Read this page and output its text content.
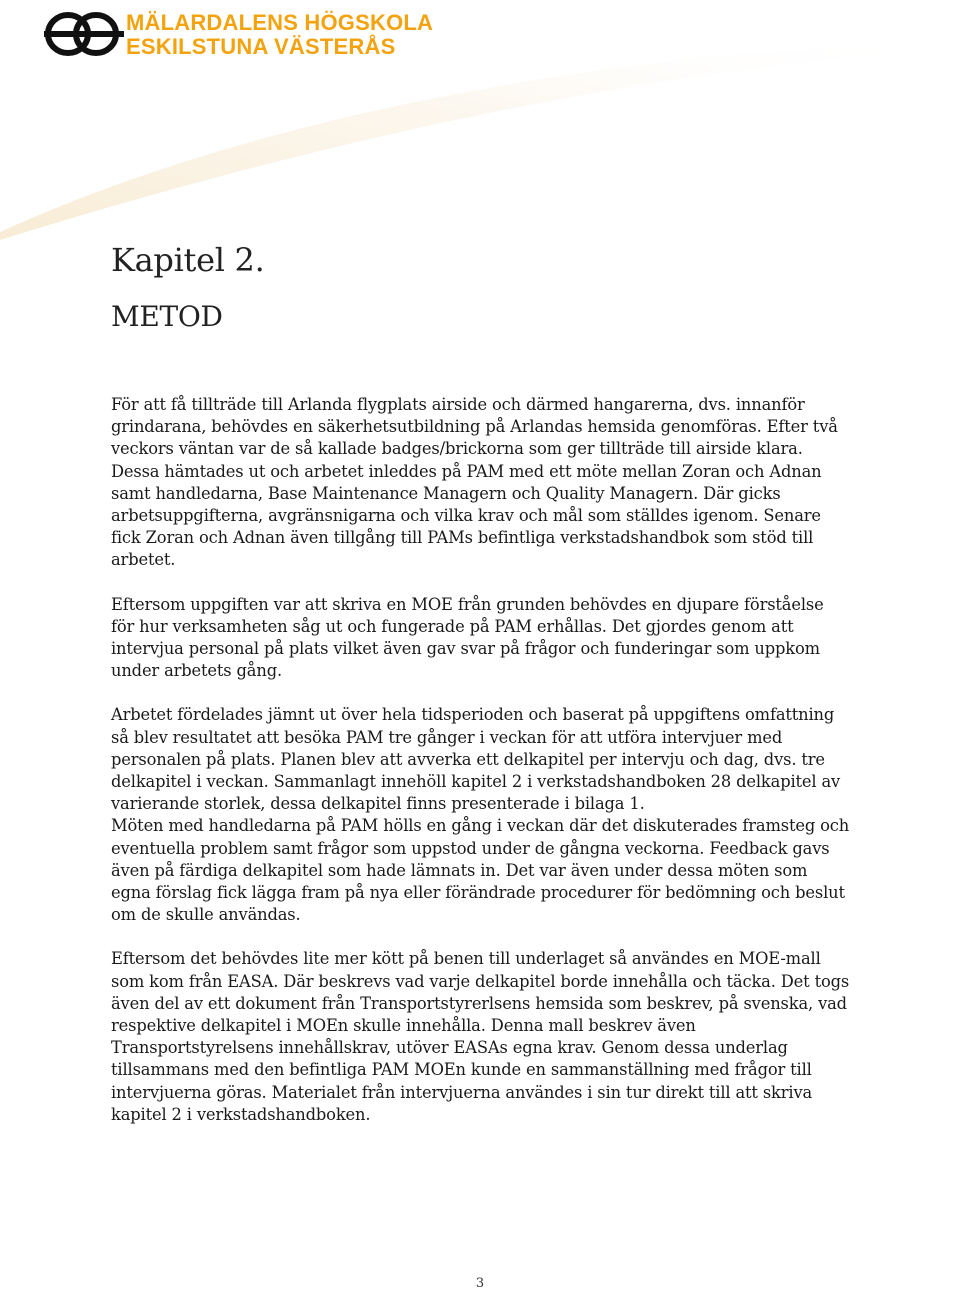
MÄLARDALENS HÖGSKOLA
ESKILSTUNA VÄSTERÅS
Kapitel 2.
METOD

För att få tillträde till Arlanda flygplats airside och därmed hangarerna, dvs. innanför grindarana, behövdes en säkerhetsutbildning på Arlandas hemsida genomföras. Efter två veckors väntan var de så kallade badges/brickorna som ger tillträde till airside klara. Dessa hämtades ut och arbetet inleddes på PAM med ett möte mellan Zoran och Adnan samt handledarna, Base Maintenance Managern och Quality Managern. Där gicks arbetsuppgifterna, avgränsnigarna och vilka krav och mål som ställdes igenom. Senare fick Zoran och Adnan även tillgång till PAMs befintliga verkstadshandbok som stöd till arbetet.

Eftersom uppgiften var att skriva en MOE från grunden behövdes en djupare förståelse för hur verksamheten såg ut och fungerade på PAM erhållas. Det gjordes genom att intervjua personal på plats vilket även gav svar på frågor och funderingar som uppkom under arbetets gång.

Arbetet fördelades jämnt ut över hela tidsperioden och baserat på uppgiftens omfattning så blev resultatet att besöka PAM tre gånger i veckan för att utföra intervjuer med personalen på plats. Planen blev att avverka ett delkapitel per intervju och dag, dvs. tre delkapitel i veckan. Sammanlagt innehöll kapitel 2 i verkstadshandboken 28 delkapitel av varierande storlek, dessa delkapitel finns presenterade i bilaga 1.

Möten med handledarna på PAM hölls en gång i veckan där det diskuterades framsteg och eventuella problem samt frågor som uppstod under de gångna veckorna. Feedback gavs även på färdiga delkapitel som hade lämnats in. Det var även under dessa möten som egna förslag fick lägga fram på nya eller förändrade procedurer för bedömning och beslut om de skulle användas.

Eftersom det behövdes lite mer kött på benen till underlaget så användes en MOE-mall som kom från EASA. Där beskrevs vad varje delkapitel borde innehålla och täcka. Det togs även del av ett dokument från Transportstyrerlsens hemsida som beskrev, på svenska, vad respektive delkapitel i MOEn skulle innehålla. Denna mall beskrev även Transportstyrelsens innehållskrav, utöver EASAs egna krav. Genom dessa underlag tillsammans med den befintliga PAM MOEn kunde en sammanställning med frågor till intervjuerna göras. Materialet från intervjuerna användes i sin tur direkt till att skriva kapitel 2 i verkstadshandboken.

3
